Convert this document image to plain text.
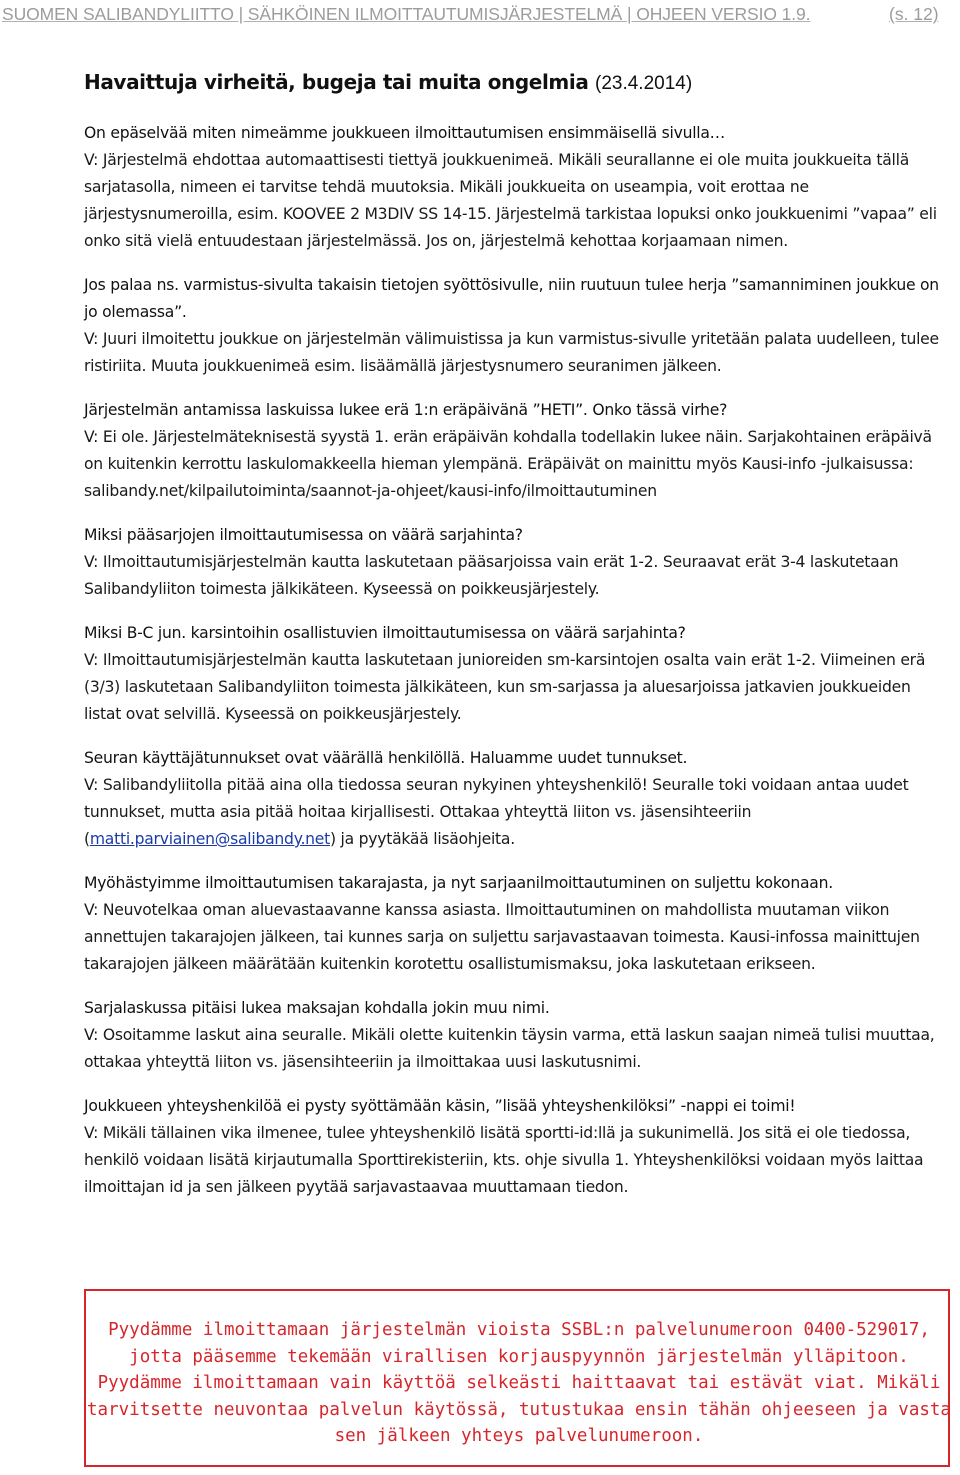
SUOMEN SALIBANDYLIITTO | SÄHKÖINEN ILMOITTAUTUMISJÄRJESTELMÄ | OHJEEN VERSIO 1.9.	(s. 12)
Havaittuja virheitä, bugeja tai muita ongelmia (23.4.2014)
On epäselvää miten nimeämme joukkueen ilmoittautumisen ensimmäisellä sivulla…
V: Järjestelmä ehdottaa automaattisesti tiettyä joukkuenimeä. Mikäli seurallanne ei ole muita joukkueita tällä sarjatasolla, nimeen ei tarvitse tehdä muutoksia. Mikäli joukkueita on useampia, voit erottaa ne järjestysnumeroilla, esim. KOOVEE 2 M3DIV SS 14-15. Järjestelmä tarkistaa lopuksi onko joukkuenimi ”vapaa” eli onko sitä vielä entuudestaan järjestelmässä. Jos on, järjestelmä kehottaa korjaamaan nimen.
Jos palaa ns. varmistus-sivulta takaisin tietojen syöttösivulle, niin ruutuun tulee herja ”samanniminen joukkue on jo olemassa”.
V: Juuri ilmoitettu joukkue on järjestelmän välimuistissa ja kun varmistus-sivulle yritetään palata uudelleen, tulee ristiriita. Muuta joukkuenimeä esim. lisäämällä järjestysnumero seuranimen jälkeen.
Järjestelmän antamissa laskuissa lukee erä 1:n eräpäivänä ”HETI”. Onko tässä virhe?
V: Ei ole. Järjestelmäteknisestä syystä 1. erän eräpäivän kohdalla todellakin lukee näin. Sarjakohtainen eräpäivä on kuitenkin kerrottu laskulomakkeella hieman ylempänä. Eräpäivät on mainittu myös Kausi-info -julkaisussa: salibandy.net/kilpailutoiminta/saannot-ja-ohjeet/kausi-info/ilmoittautuminen
Miksi pääsarjojen ilmoittautumisessa on väärä sarjahinta?
V: Ilmoittautumisjärjestelmän kautta laskutetaan pääsarjoissa vain erät 1-2. Seuraavat erät 3-4 laskutetaan Salibandyliiton toimesta jälkikäteen. Kyseessä on poikkeusjärjestely.
Miksi B-C jun. karsintoihin osallistuvien ilmoittautumisessa on väärä sarjahinta?
V: Ilmoittautumisjärjestelmän kautta laskutetaan junioreiden sm-karsintojen osalta vain erät 1-2. Viimeinen erä (3/3) laskutetaan Salibandyliiton toimesta jälkikäteen, kun sm-sarjassa ja aluesarjoissa jatkavien joukkueiden listat ovat selvillä. Kyseessä on poikkeusjärjestely.
Seuran käyttäjätunnukset ovat väärällä henkilöllä. Haluamme uudet tunnukset.
V: Salibandyliitolla pitää aina olla tiedossa seuran nykyinen yhteyshenkilö! Seuralle toki voidaan antaa uudet tunnukset, mutta asia pitää hoitaa kirjallisesti. Ottakaa yhteyttä liiton vs. jäsensihteeriin (matti.parviainen@salibandy.net) ja pyytäkää lisäohjeita.
Myöhästyimme ilmoittautumisen takarajasta, ja nyt sarjaanilmoittautuminen on suljettu kokonaan.
V: Neuvotelkaa oman aluevastaavanne kanssa asiasta. Ilmoittautuminen on mahdollista muutaman viikon annettujen takarajojen jälkeen, tai kunnes sarja on suljettu sarjavastaavan toimesta. Kausi-infossa mainittujen takarajojen jälkeen määrätään kuitenkin korotettu osallistumismaksu, joka laskutetaan erikseen.
Sarjalaskussa pitäisi lukea maksajan kohdalla jokin muu nimi.
V: Osoitamme laskut aina seuralle. Mikäli olette kuitenkin täysin varma, että laskun saajan nimeä tulisi muuttaa, ottakaa yhteyttä liiton vs. jäsensihteeriin ja ilmoittakaa uusi laskutusnimi.
Joukkueen yhteyshenkilöä ei pysty syöttämään käsin, ”lisää yhteyshenkilöksi” -nappi ei toimi!
V: Mikäli tällainen vika ilmenee, tulee yhteyshenkilö lisätä sportti-id:llä ja sukunimellä. Jos sitä ei ole tiedossa, henkilö voidaan lisätä kirjautumalla Sporttirekisteriin, kts. ohje sivulla 1. Yhteyshenkilöksi voidaan myös laittaa ilmoittajan id ja sen jälkeen pyytää sarjavastaavaa muuttamaan tiedon.
Pyydämme ilmoittamaan järjestelmän vioista SSBL:n palvelunumeroon 0400-529017,
jotta pääsemme tekemään virallisen korjauspyynnön järjestelmän ylläpitoon.
Pyydämme ilmoittamaan vain käyttöä selkeästi haittaavat tai estävät viat. Mikäli
tarvitsette neuvontaa palvelun käytössä, tutustukaa ensin tähän ohjeeseen ja vasta
sen jälkeen yhteys palvelunumeroon.
